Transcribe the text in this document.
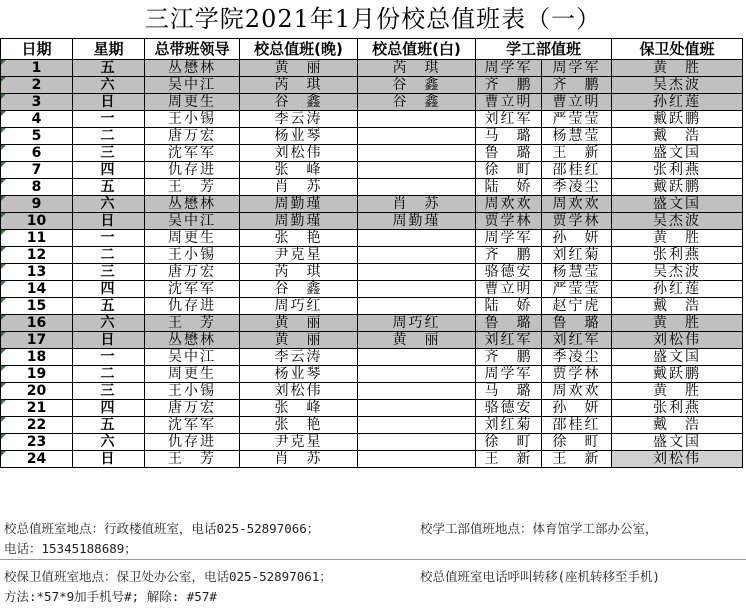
三江学院2021年1月份校总值班表（一）
日期	星期	总带班领导	校总值班(晚)	校总值班(白)	学工部值班		保卫处值班
1	五	丛懋林	黄　丽	芮　琪	周学军	周学军	黄　胜
2	六	吴中江	芮　琪	谷　鑫	齐　鹏	齐　鹏	吴杰波
3	日	周更生	谷　鑫	谷　鑫	曹立明	曹立明	孙红莲
4	一	王小锡	李云涛		刘红军	严莹莹	戴跃鹏
5	二	唐万宏	杨业琴		马　璐	杨慧莹	戴　浩
6	三	沈军军	刘松伟		鲁　璐	王　新	盛文国
7	四	仇存进	张　峰		徐　町	邵桂红	张利燕
8	五	王　芳	肖　苏		陆　娇	季凌尘	戴跃鹏
9	六	丛懋林	周勤瑾	肖　苏	周欢欢	周欢欢	盛文国
10	日	吴中江	周勤瑾	周勤瑾	贾学林	贾学林	吴杰波
11	一	周更生	张　艳		周学军	孙　妍	黄　胜
12	二	王小锡	尹克星		齐　鹏	刘红菊	张利燕
13	三	唐万宏	芮　琪		骆德安	杨慧莹	吴杰波
14	四	沈军军	谷　鑫		曹立明	严莹莹	孙红莲
15	五	仇存进	周巧红		陆　娇	赵宁虎	戴　浩
16	六	王　芳	黄　丽	周巧红	鲁　璐	鲁　璐	黄　胜
17	日	丛懋林	黄　丽	黄　丽	刘红军	刘红军	刘松伟
18	一	吴中江	李云涛		齐　鹏	季凌尘	盛文国
19	二	周更生	杨业琴		周学军	贾学林	戴跃鹏
20	三	王小锡	刘松伟		马　璐	周欢欢	黄　胜
21	四	唐万宏	张　峰		骆德安	孙　妍	张利燕
22	五	沈军军	张　艳		刘红菊	邵桂红	戴　浩
23	六	仇存进	尹克星		徐　町	徐　町	盛文国
24	日	王　芳	肖　苏		王　新	王　新	刘松伟
校总值班室地点：行政楼值班室，电话025-52897066；	校学工部值班地点：体育馆学工部办公室，
电话：15345188689；
校保卫值班室地点：保卫处办公室，电话025-52897061；	校总值班室电话呼叫转移(座机转移至手机)
方法:*57*9加手机号#; 解除: #57#
